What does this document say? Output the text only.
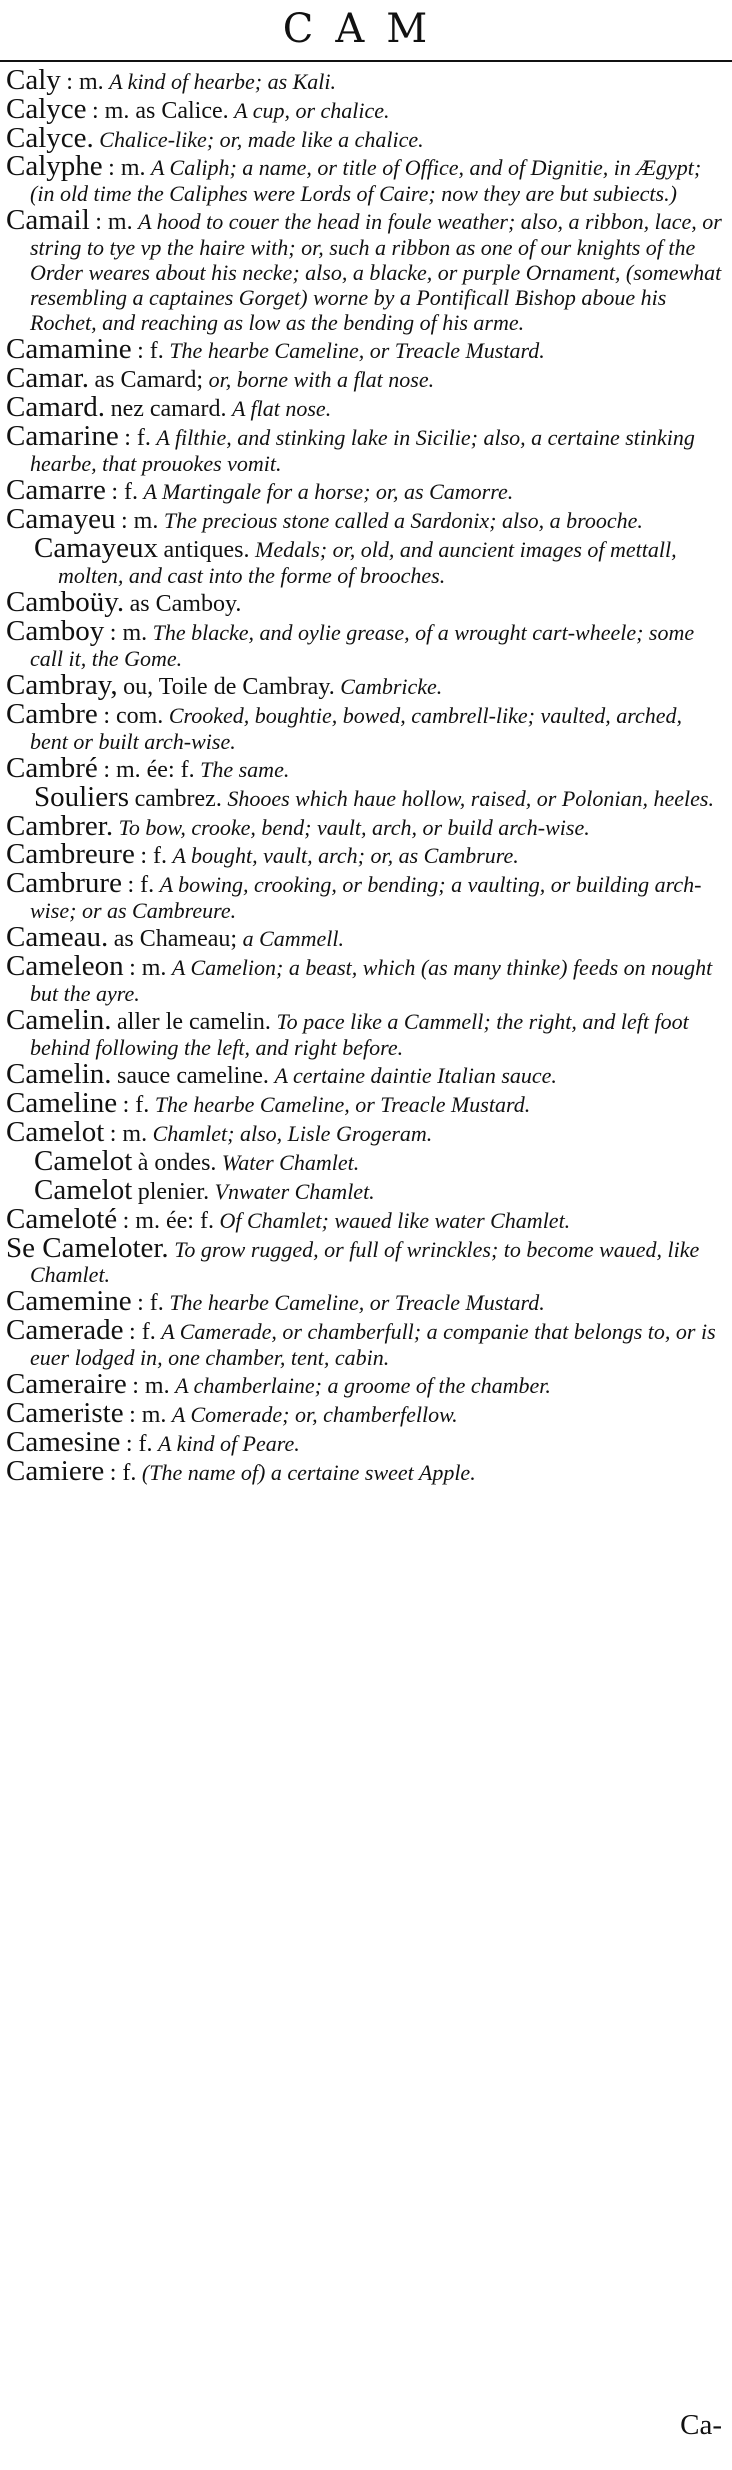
CAM
Caly : m. A kind of hearbe; as Kali.
Calyce : m. as Calice. A cup, or chalice.
Calyce. Chalice-like; or, made like a chalice.
Calyphe : m. A Caliph; a name, or title of Office, and of Dignitie, in Ægypt; (in old time the Caliphes were Lords of Caire; now they are but subiects.)
Camail : m. A hood to couer the head in foule weather; also, a ribbon, lace, or string to tye vp the haire with; or, such a ribbon as one of our knights of the Order weares about his necke; also, a blacke, or purple Ornament, (somewhat resembling a captaines Gorget) worne by a Pontificall Bishop aboue his Rochet, and reaching as low as the bending of his arme.
Camamine : f. The hearbe Cameline, or Treacle Mustard.
Camar. as Camard; or, borne with a flat nose.
Camard. nez camard. A flat nose.
Camarine : f. A filthie, and stinking lake in Sicilie; also, a certaine stinking hearbe, that prouokes vomit.
Camarre : f. A Martingale for a horse; or, as Camorre.
Camayeu : m. The precious stone called a Sardonix; also, a brooche.
Camayeux antiques. Medals; or, old, and auncient images of mettall, molten, and cast into the forme of brooches.
Camboüy. as Camboy.
Camboy : m. The blacke, and oylie grease, of a wrought cart-wheele; some call it, the Gome.
Cambray, ou, Toile de Cambray. Cambricke.
Cambre : com. Crooked, boughtie, bowed, cambrell-like; vaulted, arched, bent or built arch-wise.
Cambré : m. ée: f. The same.
Souliers cambrez. Shooes which haue hollow, raised, or Polonian, heeles.
Cambrer. To bow, crooke, bend; vault, arch, or build arch-wise.
Cambreure : f. A bought, vault, arch; or, as Cambrure.
Cambrure : f. A bowing, crooking, or bending; a vaulting, or building arch-wise; or as Cambreure.
Cameau. as Chameau; a Cammell.
Cameleon : m. A Camelion; a beast, which (as many thinke) feeds on nought but the ayre.
Camelin. aller le camelin. To pace like a Cammell; the right, and left foot behind following the left, and right before.
Camelin. sauce cameline. A certaine daintie Italian sauce.
Cameline : f. The hearbe Cameline, or Treacle Mustard.
Camelot : m. Chamlet; also, Lisle Grogeram.
Camelot à ondes. Water Chamlet.
Camelot plenier. Vnwater Chamlet.
Cameloté : m. ée: f. Of Chamlet; waued like water Chamlet.
Se Cameloter. To grow rugged, or full of wrinckles; to become waued, like Chamlet.
Camemine : f. The hearbe Cameline, or Treacle Mustard.
Camerade : f. A Camerade, or chamberfull; a companie that belongs to, or is euer lodged in, one chamber, tent, cabin.
Cameraire : m. A chamberlaine; a groome of the chamber.
Cameriste : m. A Comerade; or, chamberfellow.
Camesine : f. A kind of Peare.
Camiere : f. (The name of) a certaine sweet Apple.
Ca-
